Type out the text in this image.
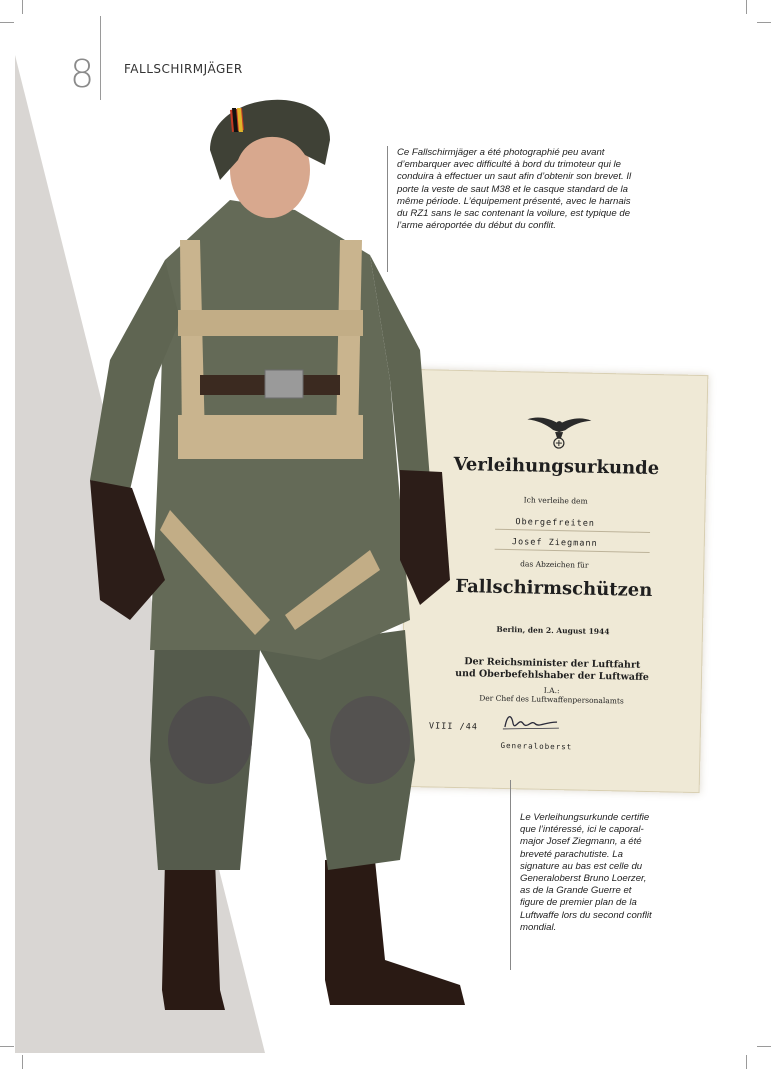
8 FALLSCHIRMJÄGER

Ce Fallschirmjäger a été photographié peu avant d’embarquer avec difficulté à bord du trimoteur qui le conduira à effectuer un saut afin d’obtenir son brevet. Il porte la veste de saut M38 et le casque standard de la même période. L’équipement présenté, avec le harnais du RZ1 sans le sac contenant la voilure, est typique de l’arme aéroportée du début du conflit.

Verleihungsurkunde
Ich verleihe dem
Obergefreiten
Josef Ziegmann
das Abzeichen für
Fallschirmschützen
Berlin, den 2. August 1944
Der Reichsminister der Luftfahrt
und Oberbefehlshaber der Luftwaffe
I.A.:
Der Chef des Luftwaffenpersonalamts
VIII /44
Generaloberst

Le Verleihungsurkunde certifie que l’intéressé, ici le caporal-major Josef Ziegmann, a été breveté parachutiste. La signature au bas est celle du Generaloberst Bruno Loerzer, as de la Grande Guerre et figure de premier plan de la Luftwaffe lors du second conflit mondial.
